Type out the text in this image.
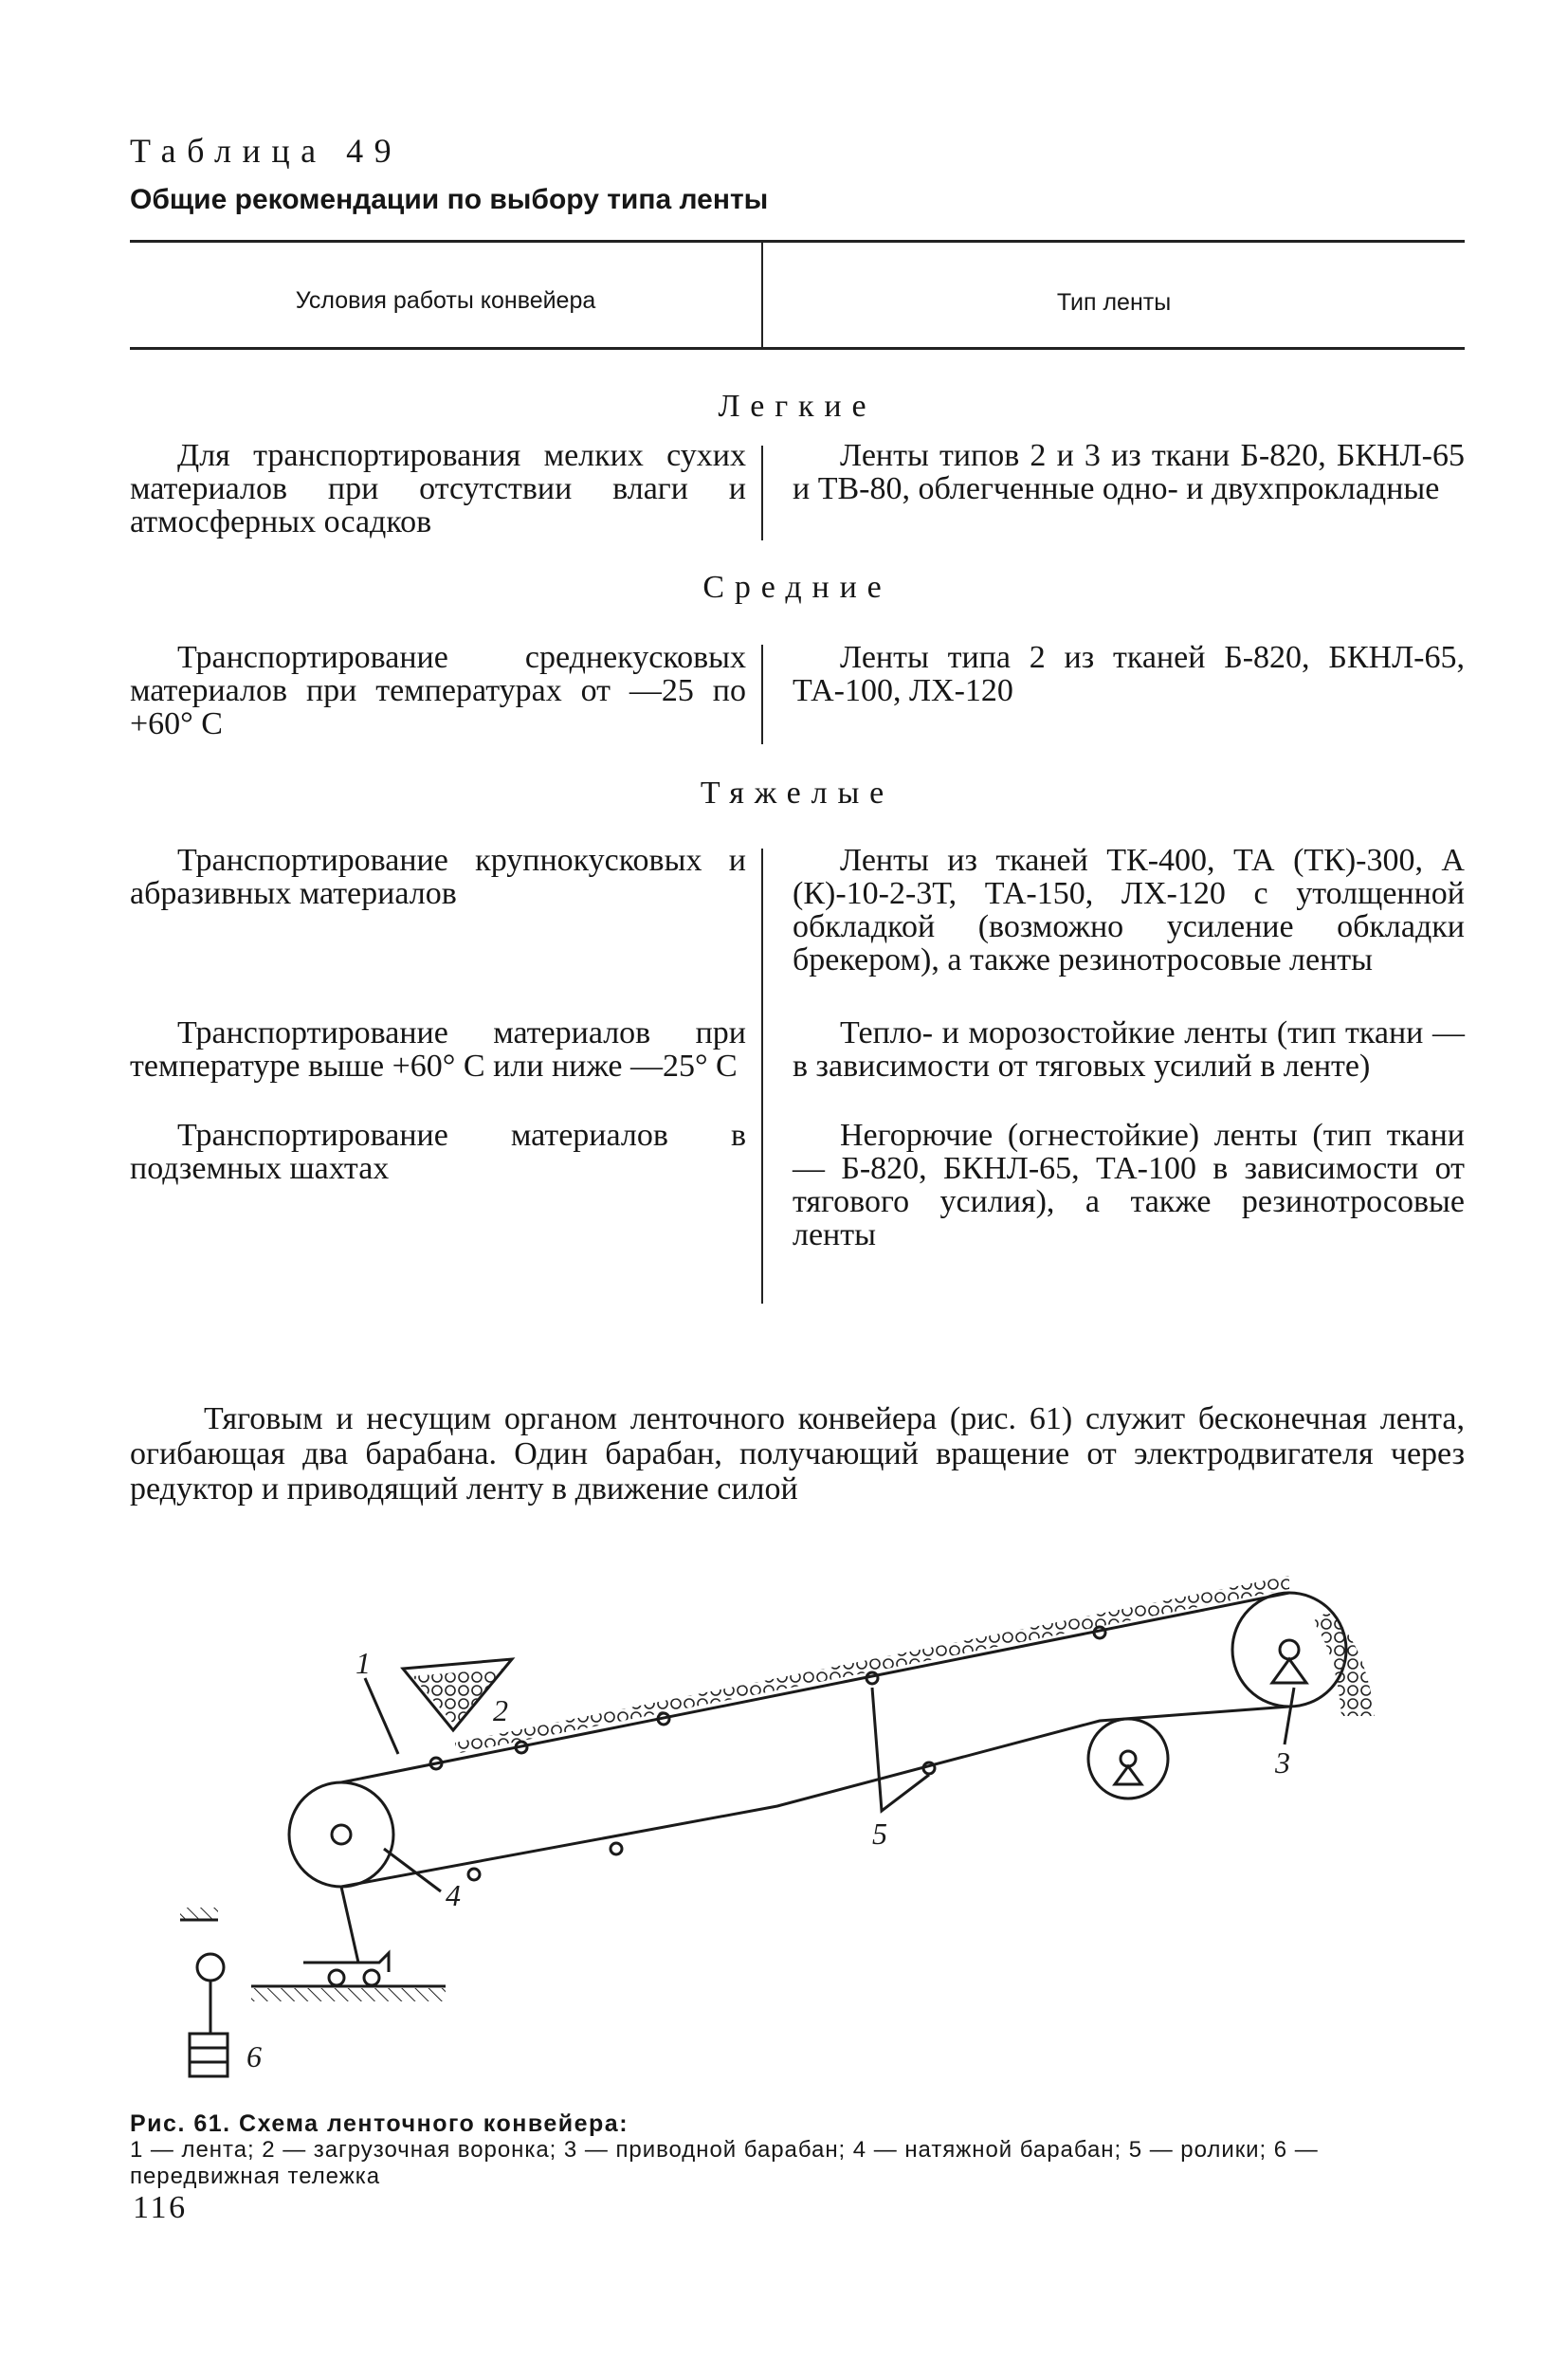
Таблица 49
Общие рекомендации по выбору типа ленты
Условия работы конвейера	Тип ленты
Легкие

Для транспортирования мелких сухих материалов при отсутствии влаги и атмосферных осадков

Ленты типов 2 и 3 из ткани Б-820, БКНЛ-65 и ТВ-80, облегченные одно- и двухпрокладные

Средние

Транспортирование среднекусковых материалов при температурах от —25 по +60° С

Ленты типа 2 из тканей Б-820, БКНЛ-65, ТА-100, ЛХ-120

Тяжелые

Транспортирование крупнокусковых и абразивных материалов

Ленты из тканей ТК-400, ТА (ТК)-300, А (К)-10-2-3Т, ТА-150, ЛХ-120 с утолщенной обкладкой (возможно усиление обкладки брекером), а также резинотросовые ленты

Транспортирование материалов при температуре выше +60° С или ниже —25° С

Тепло- и морозостойкие ленты (тип ткани — в зависимости от тяговых усилий в ленте)

Транспортирование материалов в подземных шахтах

Негорючие (огнестойкие) ленты (тип ткани — Б-820, БКНЛ-65, ТА-100 в зависимости от тягового усилия), а также резинотросовые ленты

Тяговым и несущим органом ленточного конвейера (рис. 61) служит бесконечная лента, огибающая два барабана. Один барабан, получающий вращение от электродвигателя через редуктор и приводящий ленту в движение силой

1
2
3
4
5
6
Рис. 61. Схема ленточного конвейера:
1 — лента; 2 — загрузочная воронка; 3 — приводной барабан; 4 — натяжной барабан; 5 — ролики; 6 — передвижная тележка
116
